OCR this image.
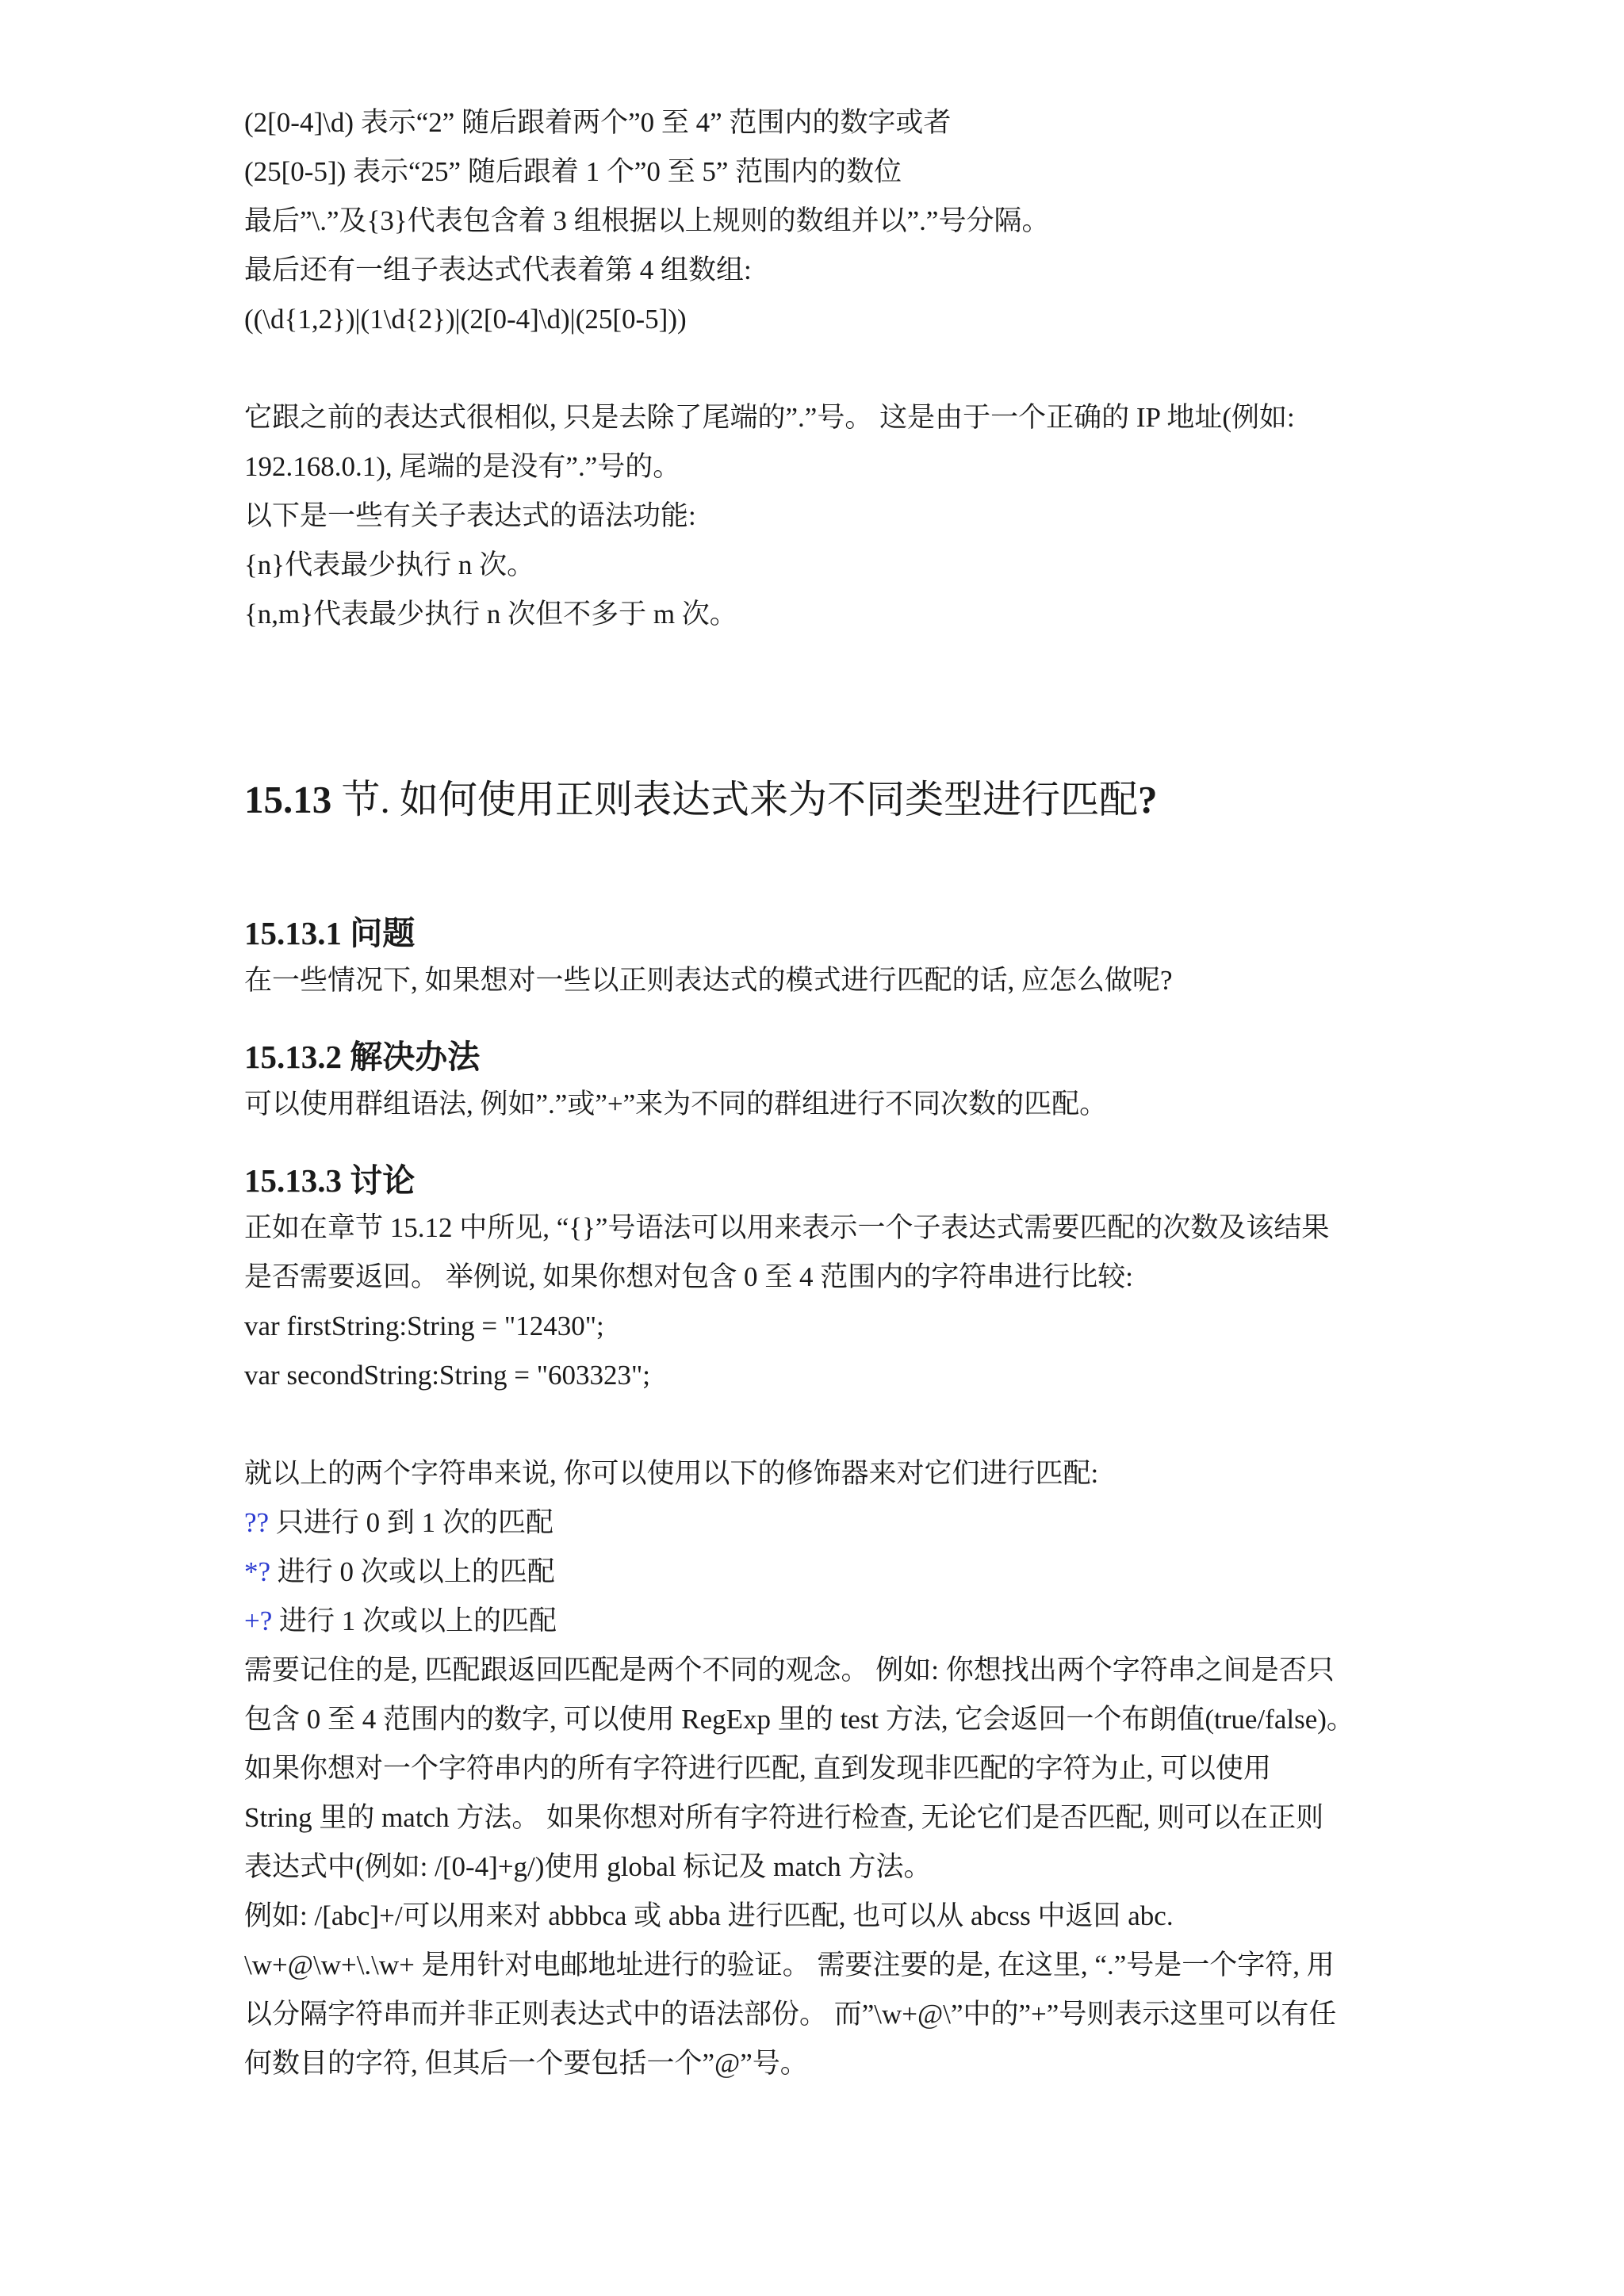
(2[0-4]\d) 表示“2” 随后跟着两个”0 至 4” 范围内的数字或者

(25[0-5]) 表示“25” 随后跟着 1 个”0 至 5” 范围内的数位

最后”\.”及{3}代表包含着 3 组根据以上规则的数组并以”.”号分隔。

最后还有一组子表达式代表着第 4 组数组:

((\d{1,2})|(1\d{2})|(2[0-4]\d)|(25[0-5]))

它跟之前的表达式很相似, 只是去除了尾端的”.”号。 这是由于一个正确的 IP 地址(例如:

192.168.0.1), 尾端的是没有”.”号的。

以下是一些有关子表达式的语法功能:

{n}代表最少执行 n 次。

{n,m}代表最少执行 n 次但不多于 m 次。

15.13 节. 如何使用正则表达式来为不同类型进行匹配?
15.13.1 问题

在一些情况下, 如果想对一些以正则表达式的模式进行匹配的话, 应怎么做呢?

15.13.2 解决办法

可以使用群组语法, 例如”.”或”+”来为不同的群组进行不同次数的匹配。

15.13.3 讨论

正如在章节 15.12 中所见, “{}”号语法可以用来表示一个子表达式需要匹配的次数及该结果

是否需要返回。 举例说, 如果你想对包含 0 至 4 范围内的字符串进行比较:

var firstString:String = "12430";

var secondString:String = "603323";

就以上的两个字符串来说, 你可以使用以下的修饰器来对它们进行匹配:

?? 只进行 0 到 1 次的匹配

*? 进行 0 次或以上的匹配

+? 进行 1 次或以上的匹配

需要记住的是, 匹配跟返回匹配是两个不同的观念。 例如: 你想找出两个字符串之间是否只

包含 0 至 4 范围内的数字, 可以使用 RegExp 里的 test 方法, 它会返回一个布朗值(true/false)。

如果你想对一个字符串内的所有字符进行匹配, 直到发现非匹配的字符为止, 可以使用

String 里的 match 方法。 如果你想对所有字符进行检查, 无论它们是否匹配, 则可以在正则

表达式中(例如: /[0-4]+g/)使用 global 标记及 match 方法。

例如: /[abc]+/可以用来对 abbbca 或 abba 进行匹配, 也可以从 abcss 中返回 abc.

\w+@\w+\.\w+ 是用针对电邮地址进行的验证。 需要注要的是, 在这里, “.”号是一个字符, 用

以分隔字符串而并非正则表达式中的语法部份。 而”\w+@\”中的”+”号则表示这里可以有任

何数目的字符, 但其后一个要包括一个”@”号。
